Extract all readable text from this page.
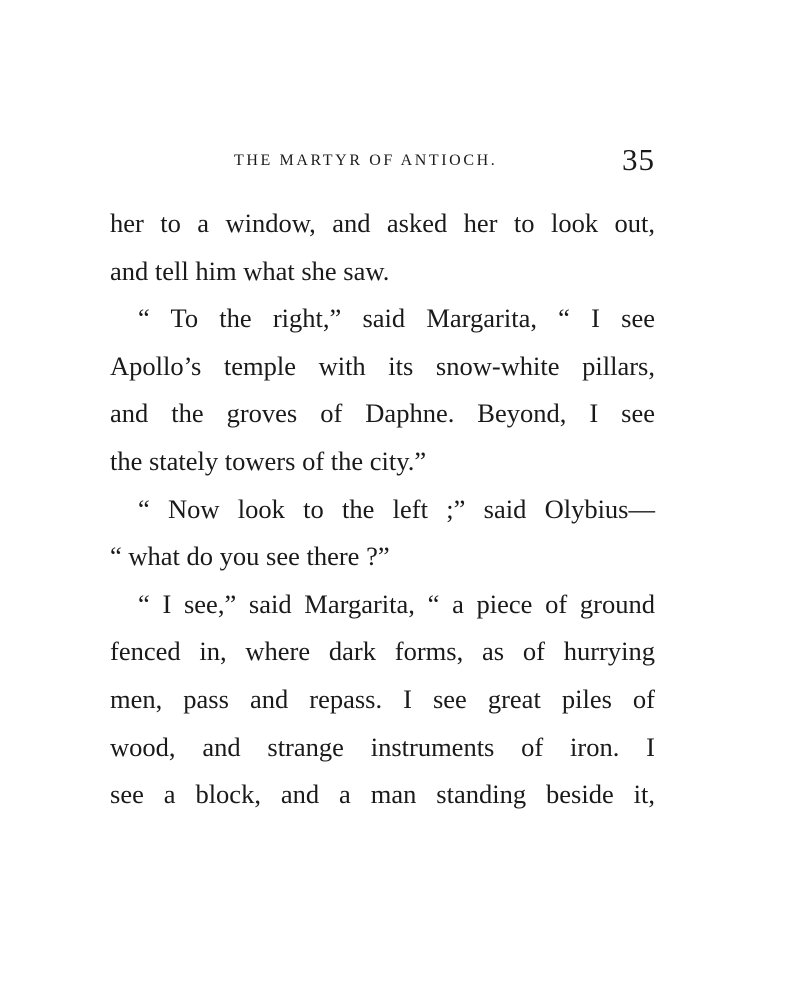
THE MARTYR OF ANTIOCH.	35
her to a window, and asked her to look out,
and tell him what she saw.
“ To the right,” said Margarita, “ I see
Apollo’s temple with its snow-white pillars,
and the groves of Daphne. Beyond, I see
the stately towers of the city.”
“ Now look to the left ;” said Olybius—
“ what do you see there ?”
“ I see,” said Margarita, “ a piece of ground
fenced in, where dark forms, as of hurrying
men, pass and repass. I see great piles of
wood, and strange instruments of iron. I
see a block, and a man standing beside it,
